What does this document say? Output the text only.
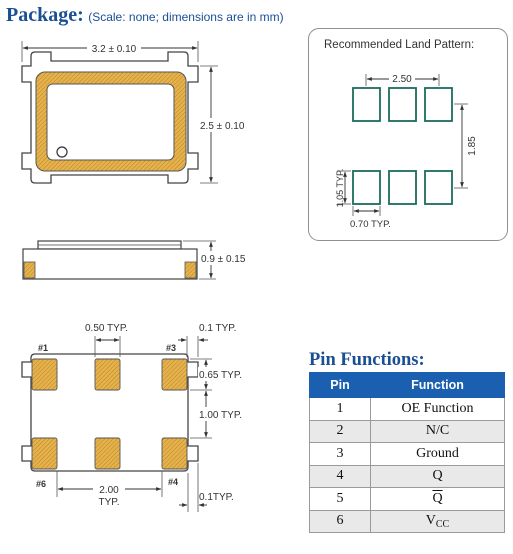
Package: (Scale: none; dimensions are in mm)
3.2 ± 0.10
2.5 ± 0.10
0.9 ± 0.15
#1	#3
#6	#4
0.50 TYP.	0.1 TYP.
0.65 TYP.
1.00 TYP.
2.00
TYP.	0.1TYP.
2.50
1.85
1.05 TYP.
0.70 TYP.
Recommended Land Pattern:
Pin Functions:
Pin	Function
1	OE Function
2	N/C
3	Ground
4	Q
5	$\overline{Q}$
6	$V_{CC}$
